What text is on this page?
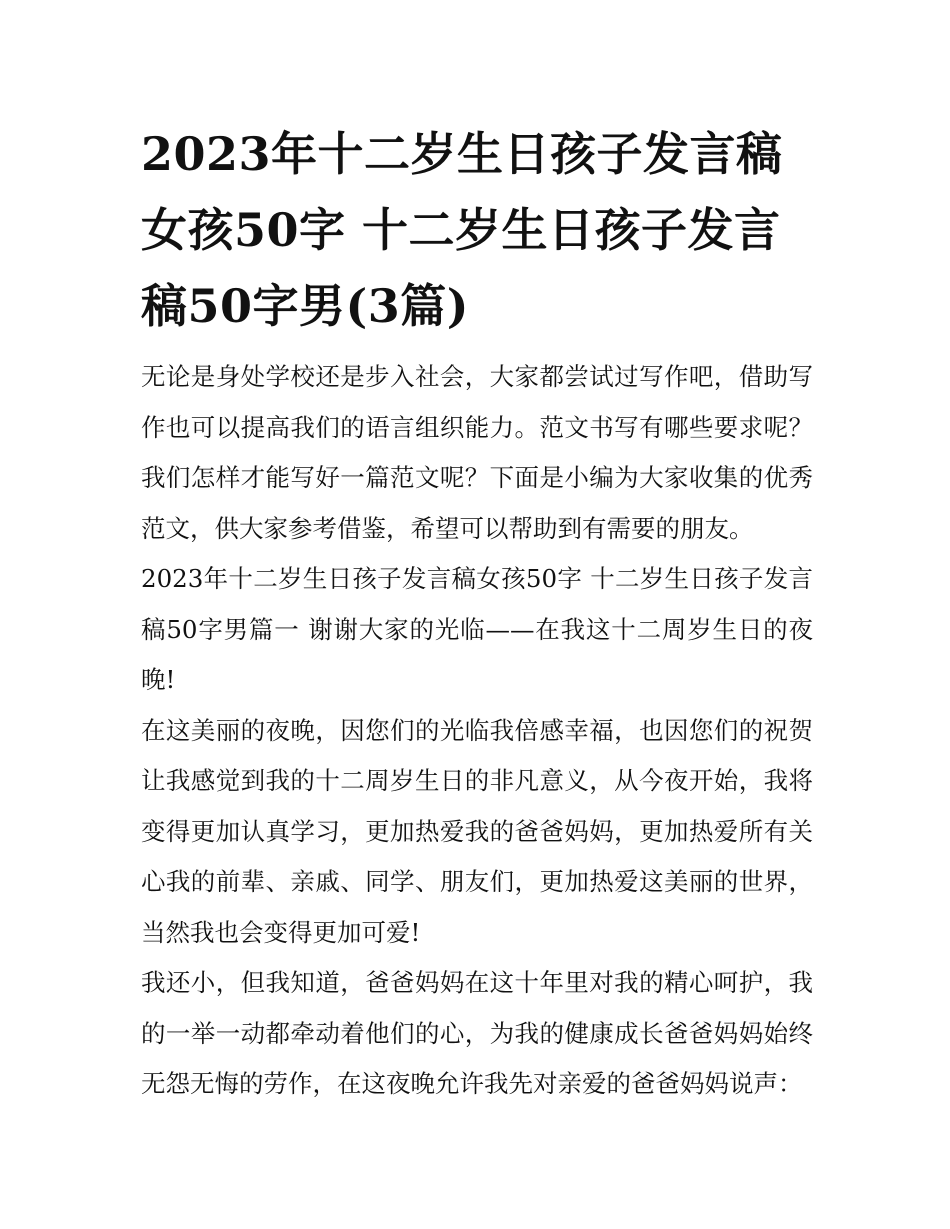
2023年十二岁生日孩子发言稿女孩50字 十二岁生日孩子发言稿50字男(3篇)

无论是身处学校还是步入社会，大家都尝试过写作吧，借助写作也可以提高我们的语言组织能力。范文书写有哪些要求呢？我们怎样才能写好一篇范文呢？下面是小编为大家收集的优秀范文，供大家参考借鉴，希望可以帮助到有需要的朋友。

2023年十二岁生日孩子发言稿女孩50字 十二岁生日孩子发言稿50字男篇一 谢谢大家的光临——在我这十二周岁生日的夜晚!

在这美丽的夜晚，因您们的光临我倍感幸福，也因您们的祝贺让我感觉到我的十二周岁生日的非凡意义，从今夜开始，我将变得更加认真学习，更加热爱我的爸爸妈妈，更加热爱所有关心我的前辈、亲戚、同学、朋友们，更加热爱这美丽的世界，当然我也会变得更加可爱!

我还小，但我知道，爸爸妈妈在这十年里对我的精心呵护，我的一举一动都牵动着他们的心，为我的健康成长爸爸妈妈始终无怨无悔的劳作，在这夜晚允许我先对亲爱的爸爸妈妈说声：
